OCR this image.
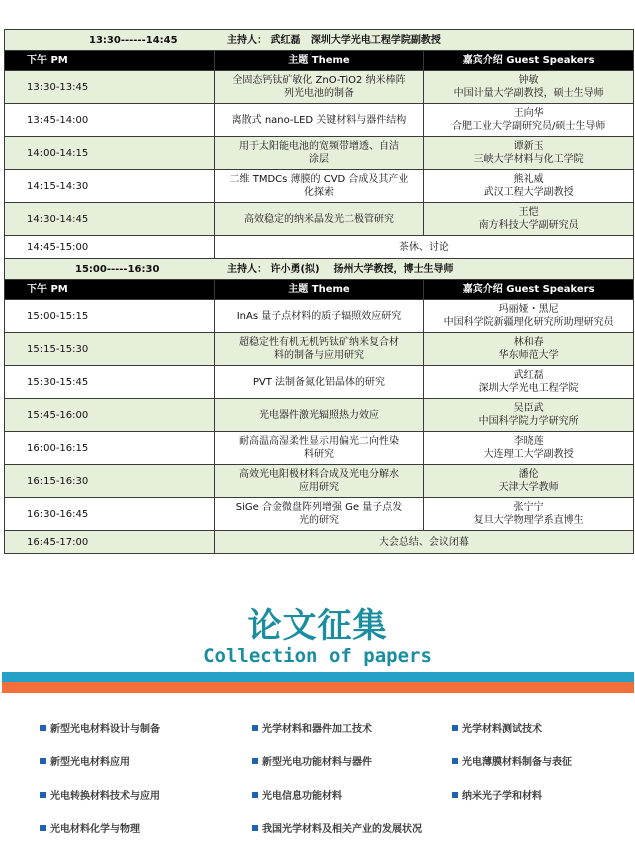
13:30------14:45 主持人： 武红磊   深圳大学光电工程学院副教授		

下午 PM	主题 Theme	嘉宾介绍 Guest Speakers
13:30-13:45	全固态钙钛矿敏化 ZnO-TiO2 纳米棒阵
列光电池的制备	钟敏
中国计量大学副教授，硕士生导师

13:45-14:00	离散式 nano-LED 关键材料与器件结构	王向华
合肥工业大学副研究员/硕士生导师

14:00-14:15	用于太阳能电池的宽频带增透、自洁
涂层	谭新玉
三峡大学材料与化工学院

14:15-14:30	二维 TMDCs 薄膜的 CVD 合成及其产业
化探索	熊礼威
武汉工程大学副教授

14:30-14:45	高效稳定的纳米晶发光二极管研究	王恺
南方科技大学副研究员

14:45-15:00	茶休、讨论	

15:00-----16:30 主持人： 许小勇(拟)    扬州大学教授，博士生导师		

下午 PM	主题 Theme	嘉宾介绍 Guest Speakers
15:00-15:15	InAs 量子点材料的质子辐照效应研究	玛丽娅・黑尼
中国科学院新疆理化研究所助理研究员

15:15-15:30	超稳定性有机无机钙钛矿纳米复合材
料的制备与应用研究	林和春
华东师范大学

15:30-15:45	PVT 法制备氮化铝晶体的研究	武红磊
深圳大学光电工程学院

15:45-16:00	光电器件激光辐照热力效应	吴臣武
中国科学院力学研究所

16:00-16:15	耐高温高湿柔性显示用偏光二向性染
料研究	李晓莲
大连理工大学副教授

16:15-16:30	高效光电阳极材料合成及光电分解水
应用研究	潘伦
天津大学教师

16:30-16:45	SiGe 合金微盘阵列增强 Ge 量子点发
光的研究	张宁宁
复旦大学物理学系直博生

16:45-17:00	大会总结、会议闭幕	
论文征集
Collection of papers
新型光电材料设计与制备	光学材料和器件加工技术	光学材料测试技术
新型光电材料应用	新型光电功能材料与器件	光电薄膜材料制备与表征
光电转换材料技术与应用	光电信息功能材料	纳米光子学和材料
光电材料化学与物理	我国光学材料及相关产业的发展状况
